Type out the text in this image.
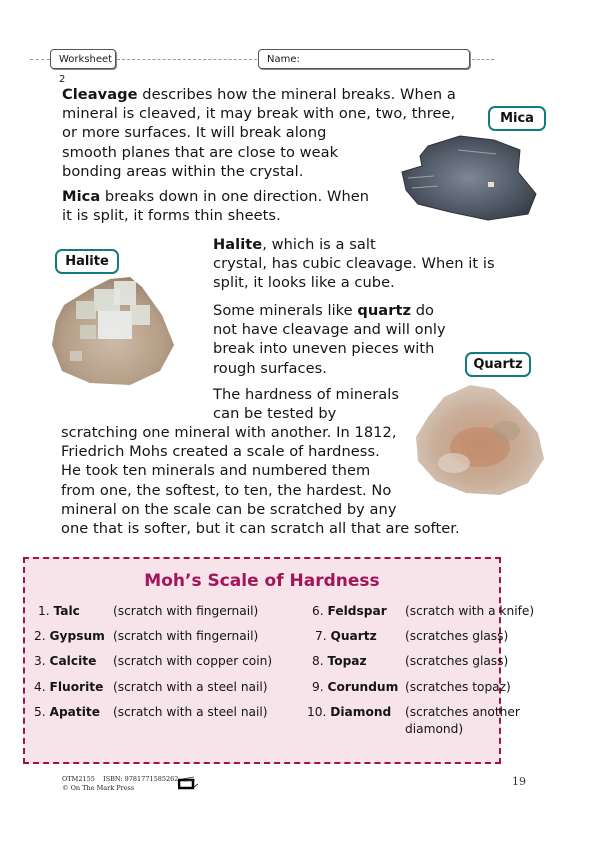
Worksheet 2
Name:

Cleavage describes how the mineral breaks. When a

mineral is cleaved, it may break with one, two, three,

or more surfaces. It will break along

smooth planes that are close to weak

bonding areas within the crystal.

Mica breaks down in one direction. When

it is split, it forms thin sheets.

Mica
Halite

Halite, which is a salt

crystal, has cubic cleavage. When it is

split, it looks like a cube.

Some minerals like quartz do

not have cleavage and will only

break into uneven pieces with

rough surfaces.	Quartz

The hardness of minerals

can be tested by

scratching one mineral with another. In 1812,

Friedrich Mohs created a scale of hardness.

He took ten minerals and numbered them

from one, the softest, to ten, the hardest. No

mineral on the scale can be scratched by any

one that is softer, but it can scratch all that are softer.

Moh’s Scale of Hardness
1. Talc	(scratch with fingernail)
2. Gypsum (scratch with fingernail)
3. Calcite (scratch with copper coin)
4. Fluorite (scratch with a steel nail)
5. Apatite (scratch with a steel nail)
6. Feldspar (scratch with a knife)
7. Quartz (scratches glass)
8. Topaz	(scratches glass)
9. Corundum (scratches topaz)
10. Diamond (scratches another
diamond)
OTM2155    ISBN: 9781771585262
© On The Mark Press	19
